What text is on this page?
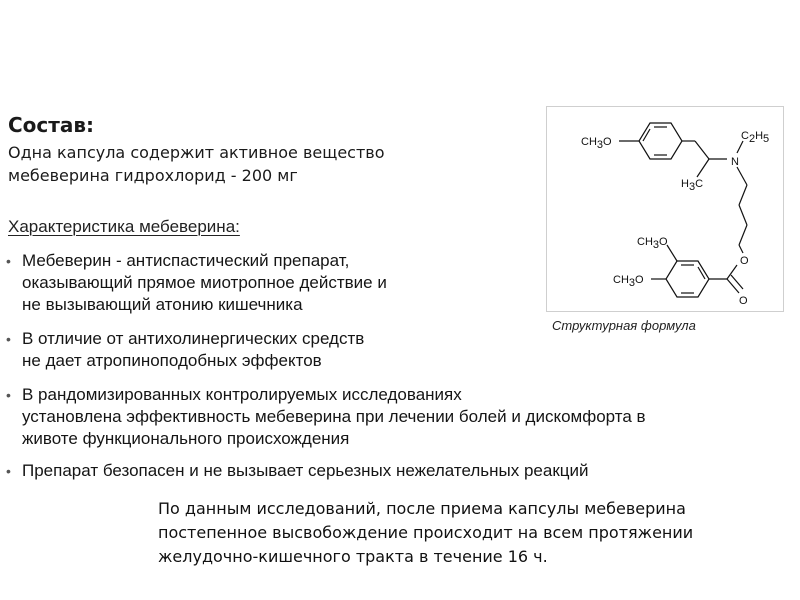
Состав:
Одна капсула содержит активное вещество
мебеверина гидрохлорид - 200 мг
Характеристика мебеверина:
• Мебеверин - антиспастический препарат,
оказывающий прямое миотропное действие и
не вызывающий атонию кишечника
• В отличие от антихолинергических средств
не дает атропиноподобных эффектов
• В рандомизированных контролируемых исследованиях
установлена эффективность мебеверина при лечении болей и дискомфорта в
животе функционального происхождения
• Препарат безопасен и не вызывает серьезных нежелательных реакций
CH3O
N
C2H5
H3C
CH3O
CH3O
O
O
Структурная формула
По данным исследований, после приема капсулы мебеверина
постепенное высвобождение происходит на всем протяжении
желудочно-кишечного тракта в течение 16 ч.
